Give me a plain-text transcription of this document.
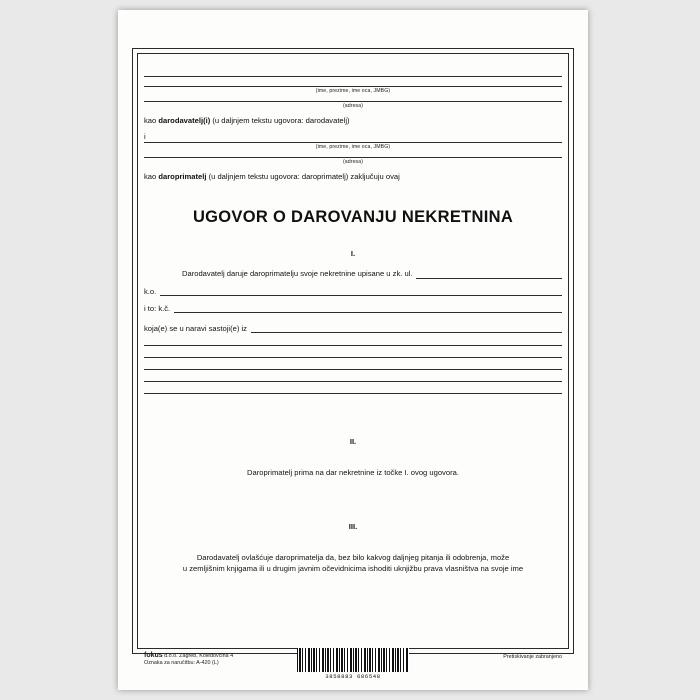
(ime, prezime, ime oca, JMBG)
(adresa)
kao darodavatelj(i) (u daljnjem tekstu ugovora: darodavatelj)
i
(ime, prezime, ime oca, JMBG)
(adresa)
kao daroprimatelj (u daljnjem tekstu ugovora: daroprimatelj) zaključuju ovaj
UGOVOR O DAROVANJU NEKRETNINA
I.
Darodavatelj daruje daroprimatelju svoje nekretnine upisane u zk. ul.
k.o.
i to: k.č.
koja(e) se u naravi sastoji(e) iz
II.
Daroprimatelj prima na dar nekretnine iz točke I. ovog ugovora.
III.
Darodavatelj ovlašćuje daroprimatelja da, bez bilo kakvog daljnjeg pitanja ili odobrenja, može
u zemljišnim knjigama ili u drugim javnim očevidnicima ishoditi uknjižbu prava vlasništva na svoje ime
fokus d.o.o. Zagreb, Koledovčina 4
Oznaka za naručitbu: A-420 (L)
3858883 686548
Pretiskivanje zabranjeno
